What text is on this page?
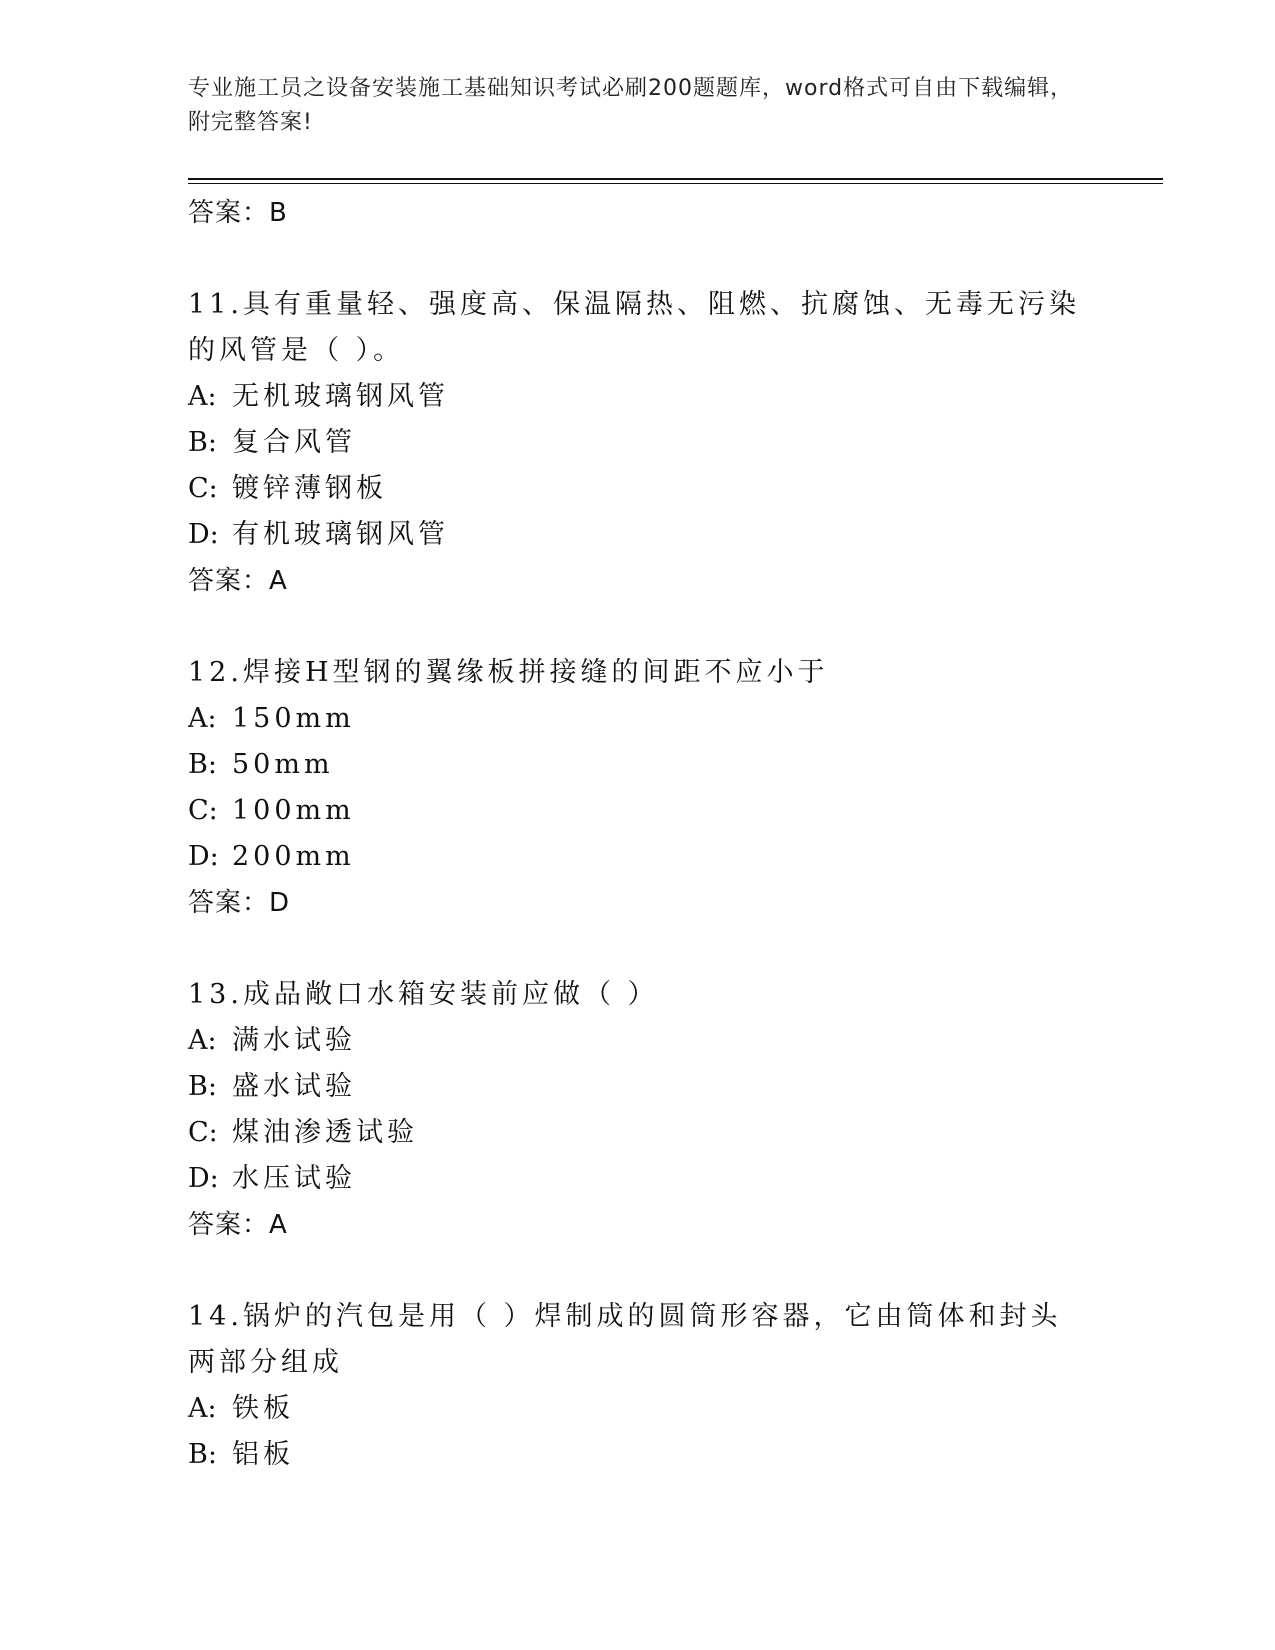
专业施工员之设备安装施工基础知识考试必刷200题题库，word格式可自由下载编辑，附完整答案!

答案：B

11.具有重量轻、强度高、保温隔热、阻燃、抗腐蚀、无毒无污染的风管是（ ）。

A: 无机玻璃钢风管

B: 复合风管

C: 镀锌薄钢板

D: 有机玻璃钢风管

答案：A

12.焊接H型钢的翼缘板拼接缝的间距不应小于

A: 150mm

B: 50mm

C: 100mm

D: 200mm

答案：D

13.成品敞口水箱安装前应做（ ）

A: 满水试验

B: 盛水试验

C: 煤油渗透试验

D: 水压试验

答案：A

14.锅炉的汽包是用（ ）焊制成的圆筒形容器，它由筒体和封头两部分组成

A: 铁板

B: 铝板
